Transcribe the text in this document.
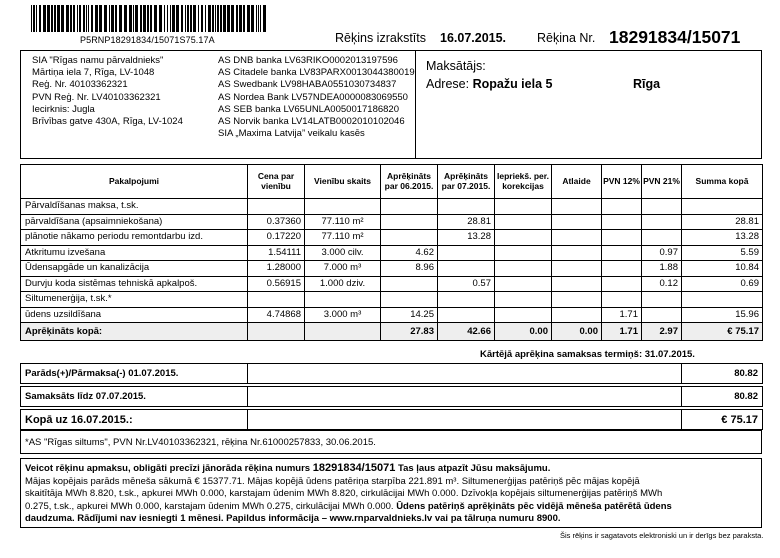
P5RNP18291834/15071S75.17A	Rēķins izrakstīts 16.07.2015. Rēķina Nr. 18291834/15071
SIA "Rīgas namu pārvaldnieks"
Mārtiņa iela 7, Rīga, LV-1048
Reģ. Nr. 40103362321
PVN Reģ. Nr. LV40103362321
Iecirknis: Jugla
Brīvības gatve 430A, Rīga, LV-1024
AS DNB banka LV63RIKO0002013197596
AS Citadele banka LV83PARX0013044380019
AS Swedbank LV98HABA0551030734837
AS Nordea Bank LV57NDEA0000083069550
AS SEB banka LV65UNLA0050017186820
AS Norvik banka LV14LATB0002010102046
SIA „Maxima Latvija” veikalu kasēs
Maksātājs:
Adrese: Ropažu iela 5	Rīga
Pakalpojumi	Cena par vienību	Vienību skaits	Aprēķināts par 06.2015.	Aprēķināts par 07.2015.	Iepriekš. per. korekcijas	Atlaide	PVN 12%	PVN 21%	Summa kopā
Pārvaldīšanas maksa, t.sk.									
pārvaldīšana (apsaimniekošana)	0.37360	77.110 m²		28.81					28.81
plānotie nākamo periodu remontdarbu izd.	0.17220	77.110 m²		13.28					13.28
Atkritumu izvešana	1.54111	3.000 cilv.	4.62					0.97	5.59
Ūdensapgāde un kanalizācija	1.28000	7.000 m³	8.96					1.88	10.84
Durvju koda sistēmas tehniskā apkalpoš.	0.56915	1.000 dziv.		0.57				0.12	0.69
Siltumenerģija, t.sk.*									
ūdens uzsildīšana	4.74868	3.000 m³	14.25				1.71		15.96
Aprēķināts kopā:			27.83	42.66	0.00	0.00	1.71	2.97	€ 75.17
Kārtējā aprēķina samaksas termiņš: 31.07.2015.
Parāds(+)/Pārmaksa(-) 01.07.2015.		80.82

Samaksāts līdz 07.07.2015.		80.82

Kopā uz 16.07.2015.:		€ 75.17
*AS "Rīgas siltums", PVN Nr.LV40103362321, rēķina Nr.61000257833, 30.06.2015.
Veicot rēķinu apmaksu, obligāti precīzi jānorāda rēķina numurs 18291834/15071 Tas ļaus atpazīt Jūsu maksājumu.
Mājas kopējais parāds mēneša sākumā € 15377.71. Mājas kopējā ūdens patēriņa starpība 221.891 m³. Siltumenerģijas patēriņš pēc mājas kopējā
skaitītāja MWh 8.820, t.sk., apkurei MWh 0.000, karstajam ūdenim MWh 8.820, cirkulācijai MWh 0.000. Dzīvokļa kopējais siltumenerģijas patēriņš MWh
0.275, t.sk., apkurei MWh 0.000, karstajam ūdenim MWh 0.275, cirkulācijai MWh 0.000. Ūdens patēriņš aprēķināts pēc vidējā mēneša patērētā ūdens
daudzuma. Rādījumi nav iesniegti 1 mēnesi. Papildus informācija – www.rnparvaldnieks.lv vai pa tālruņa numuru 8900.
Šis rēķins ir sagatavots elektroniski un ir derīgs bez paraksta.
